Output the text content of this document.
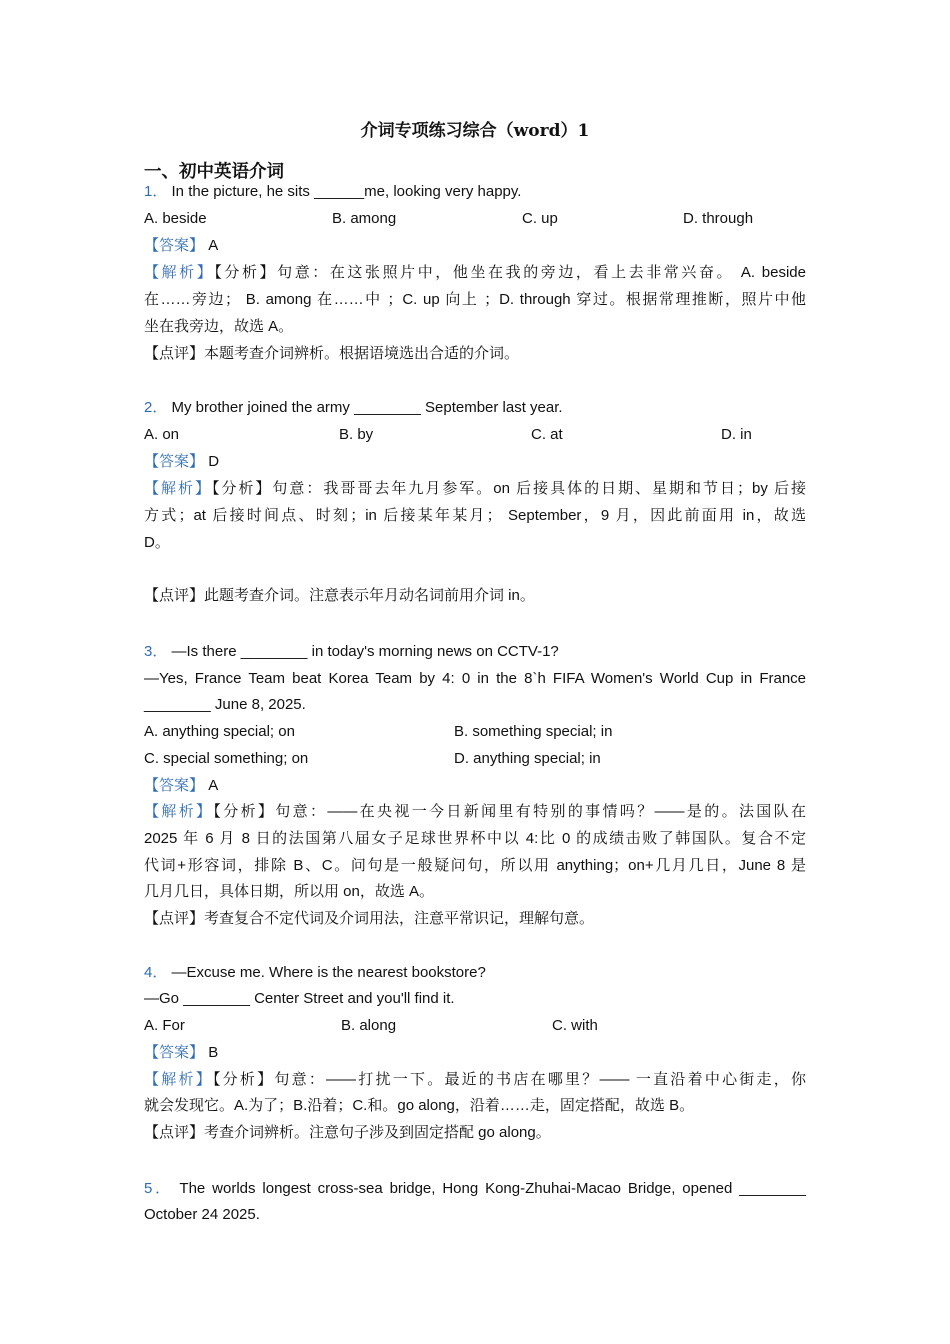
介词专项练习综合（word）1
一、初中英语介词
1． In the picture, he sits ______me, looking very happy.
A. beside	B. among	C. up	D. through
【答案】 A
【解析】【分析】句意：在这张照片中，他坐在我的旁边，看上去非常兴奋。 A. beside
在……旁边； B. among 在……中 ；C. up 向上 ；D. through 穿过。根据常理推断，照片中他
坐在我旁边，故选 A。
【点评】本题考查介词辨析。根据语境选出合适的介词。
2． My brother joined the army ________ September last year.
A. on	B. by	C. at	D. in
【答案】 D
【解析】【分析】句意：我哥哥去年九月参军。on 后接具体的日期、星期和节日；by 后接
方式；at 后接时间点、时刻；in 后接某年某月； September，9 月，因此前面用 in，故选
D。
【点评】此题考查介词。注意表示年月动名词前用介词 in。
3． —Is there ________ in today's morning news on CCTV-1?
—Yes, France Team beat Korea Team by 4: 0 in the 8`h FIFA Women's World Cup in France
________ June 8, 2025.
A. anything special; on	B. something special; in
C. special something; on	D. anything special; in
【答案】 A
【解析】【分析】句意：——在央视一今日新闻里有特别的事情吗？——是的。法国队在
2025 年 6 月 8 日的法国第八届女子足球世界杯中以 4:比 0 的成绩击败了韩国队。复合不定
代词+形容词，排除 B、C。问句是一般疑问句，所以用 anything；on+几月几日，June 8 是
几月几日，具体日期，所以用 on，故选 A。
【点评】考查复合不定代词及介词用法，注意平常识记，理解句意。
4． —Excuse me. Where is the nearest bookstore?
—Go ________ Center Street and you'll find it.
A. For	B. along	C. with
【答案】 B
【解析】【分析】句意：——打扰一下。最近的书店在哪里？—— 一直沿着中心街走，你
就会发现它。A.为了；B.沿着；C.和。go along，沿着……走，固定搭配，故选 B。
【点评】考查介词辨析。注意句子涉及到固定搭配 go along。
5． The worlds longest cross-sea bridge, Hong Kong-Zhuhai-Macao Bridge, opened ________
October 24 2025.
